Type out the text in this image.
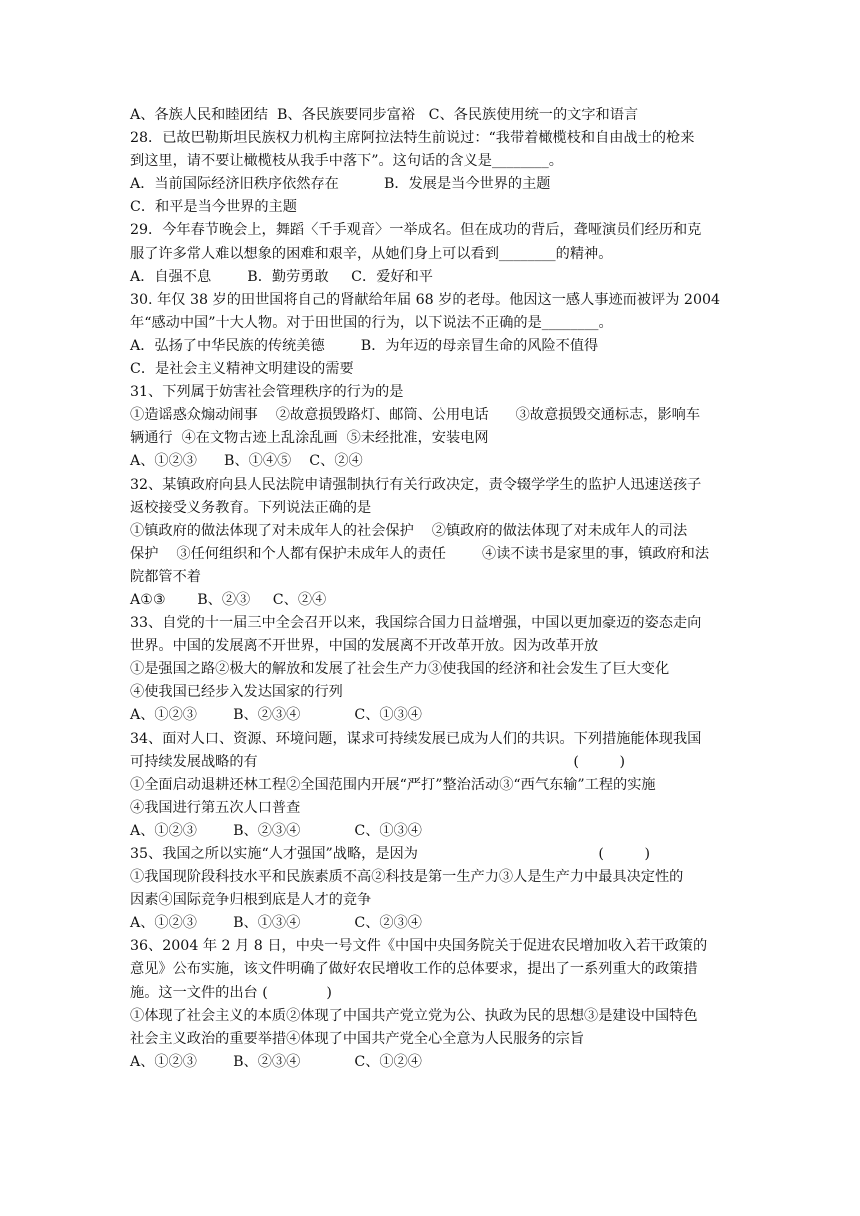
A、各族人民和睦团结  B、各民族要同步富裕   C、各民族使用统一的文字和语言
28．已故巴勒斯坦民族权力机构主席阿拉法特生前说过：“我带着橄榄枝和自由战士的枪来
到这里，请不要让橄榄枝从我手中落下”。这句话的含义是________。
A．当前国际经济旧秩序依然存在          B．发展是当今世界的主题
C．和平是当今世界的主题
29．今年春节晚会上，舞蹈〈千手观音〉一举成名。但在成功的背后，聋哑演员们经历和克
服了许多常人难以想象的困难和艰辛，从她们身上可以看到________的精神。
A．自强不息        B．勤劳勇敢     C．爱好和平
30. 年仅 38 岁的田世国将自己的肾献给年届 68 岁的老母。他因这一感人事迹而被评为 2004
年“感动中国”十大人物。对于田世国的行为，以下说法不正确的是________。
A．弘扬了中华民族的传统美德        B．为年迈的母亲冒生命的风险不值得
C．是社会主义精神文明建设的需要
31、下列属于妨害社会管理秩序的行为的是
①造谣惑众煽动闹事    ②故意损毁路灯、邮筒、公用电话      ③故意损毁交通标志，影响车
辆通行  ④在文物古迹上乱涂乱画  ⑤未经批准，安装电网
A、①②③      B、①④⑤    C、②④
32、某镇政府向县人民法院申请强制执行有关行政决定，责令辍学学生的监护人迅速送孩子
返校接受义务教育。下列说法正确的是
①镇政府的做法体现了对未成年人的社会保护    ②镇政府的做法体现了对未成年人的司法
保护    ③任何组织和个人都有保护未成年人的责任        ④读不读书是家里的事，镇政府和法
院都管不着
A①③       B、②③     C、②④
33、自党的十一届三中全会召开以来，我国综合国力日益增强，中国以更加豪迈的姿态走向
世界。中国的发展离不开世界，中国的发展离不开改革开放。因为改革开放
①是强国之路②极大的解放和发展了社会生产力③使我国的经济和社会发生了巨大变化
④使我国已经步入发达国家的行列
A、①②③        B、②③④            C、①③④
34、面对人口、资源、环境问题，谋求可持续发展已成为人们的共识。下列措施能体现我国
可持续发展战略的有                                                                      (         )
①全面启动退耕还林工程②全国范围内开展“严打”整治活动③“西气东输”工程的实施
④我国进行第五次人口普查
A、①②③        B、②③④            C、①③④
35、我国之所以实施“人才强国”战略，是因为                                        (         )
①我国现阶段科技水平和民族素质不高②科技是第一生产力③人是生产力中最具决定性的
因素④国际竞争归根到底是人才的竞争
A、①②③        B、①③④            C、②③④
36、2004 年 2 月 8 日，中央一号文件《中国中央国务院关于促进农民增加收入若干政策的
意见》公布实施，该文件明确了做好农民增收工作的总体要求，提出了一系列重大的政策措
施。这一文件的出台 (             )
①体现了社会主义的本质②体现了中国共产党立党为公、执政为民的思想③是建设中国特色
社会主义政治的重要举措④体现了中国共产党全心全意为人民服务的宗旨
A、①②③        B、②③④            C、①②④
